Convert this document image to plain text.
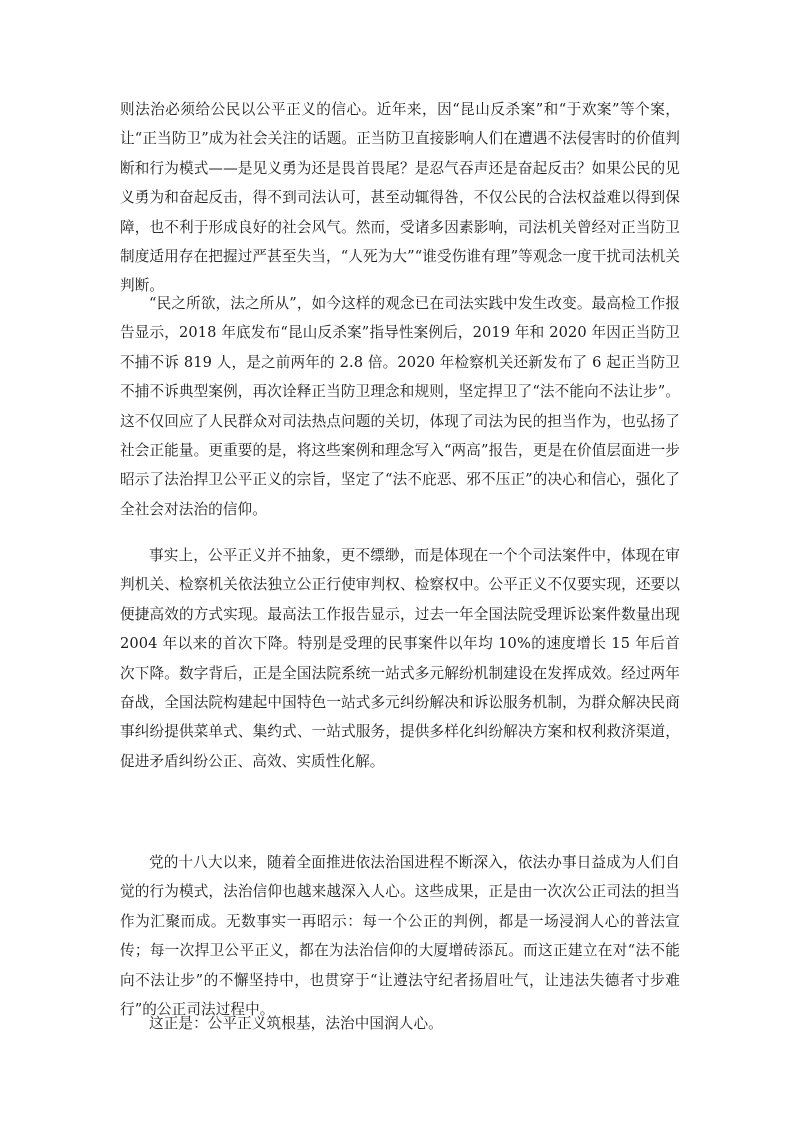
则法治必须给公民以公平正义的信心。近年来，因“昆山反杀案”和“于欢案”等个案，让“正当防卫”成为社会关注的话题。正当防卫直接影响人们在遭遇不法侵害时的价值判断和行为模式——是见义勇为还是畏首畏尾？是忍气吞声还是奋起反击？如果公民的见义勇为和奋起反击，得不到司法认可，甚至动辄得咎，不仅公民的合法权益难以得到保障，也不利于形成良好的社会风气。然而，受诸多因素影响，司法机关曾经对正当防卫制度适用存在把握过严甚至失当，“人死为大”“谁受伤谁有理”等观念一度干扰司法机关判断。

“民之所欲，法之所从”，如今这样的观念已在司法实践中发生改变。最高检工作报告显示，2018 年底发布“昆山反杀案”指导性案例后，2019 年和 2020 年因正当防卫不捕不诉 819 人，是之前两年的 2.8 倍。2020 年检察机关还新发布了 6 起正当防卫不捕不诉典型案例，再次诠释正当防卫理念和规则，坚定捍卫了“法不能向不法让步”。这不仅回应了人民群众对司法热点问题的关切，体现了司法为民的担当作为，也弘扬了社会正能量。更重要的是，将这些案例和理念写入“两高”报告，更是在价值层面进一步昭示了法治捍卫公平正义的宗旨，坚定了“法不庇恶、邪不压正”的决心和信心，强化了全社会对法治的信仰。

事实上，公平正义并不抽象，更不缥缈，而是体现在一个个司法案件中，体现在审判机关、检察机关依法独立公正行使审判权、检察权中。公平正义不仅要实现，还要以便捷高效的方式实现。最高法工作报告显示，过去一年全国法院受理诉讼案件数量出现 2004 年以来的首次下降。特别是受理的民事案件以年均 10%的速度增长 15 年后首次下降。数字背后，正是全国法院系统一站式多元解纷机制建设在发挥成效。经过两年奋战，全国法院构建起中国特色一站式多元纠纷解决和诉讼服务机制，为群众解决民商事纠纷提供菜单式、集约式、一站式服务，提供多样化纠纷解决方案和权利救济渠道，促进矛盾纠纷公正、高效、实质性化解。

党的十八大以来，随着全面推进依法治国进程不断深入，依法办事日益成为人们自觉的行为模式，法治信仰也越来越深入人心。这些成果，正是由一次次公正司法的担当作为汇聚而成。无数事实一再昭示：每一个公正的判例，都是一场浸润人心的普法宣传；每一次捍卫公平正义，都在为法治信仰的大厦增砖添瓦。而这正建立在对“法不能向不法让步”的不懈坚持中，也贯穿于“让遵法守纪者扬眉吐气，让违法失德者寸步难行”的公正司法过程中。

这正是：公平正义筑根基，法治中国润人心。
